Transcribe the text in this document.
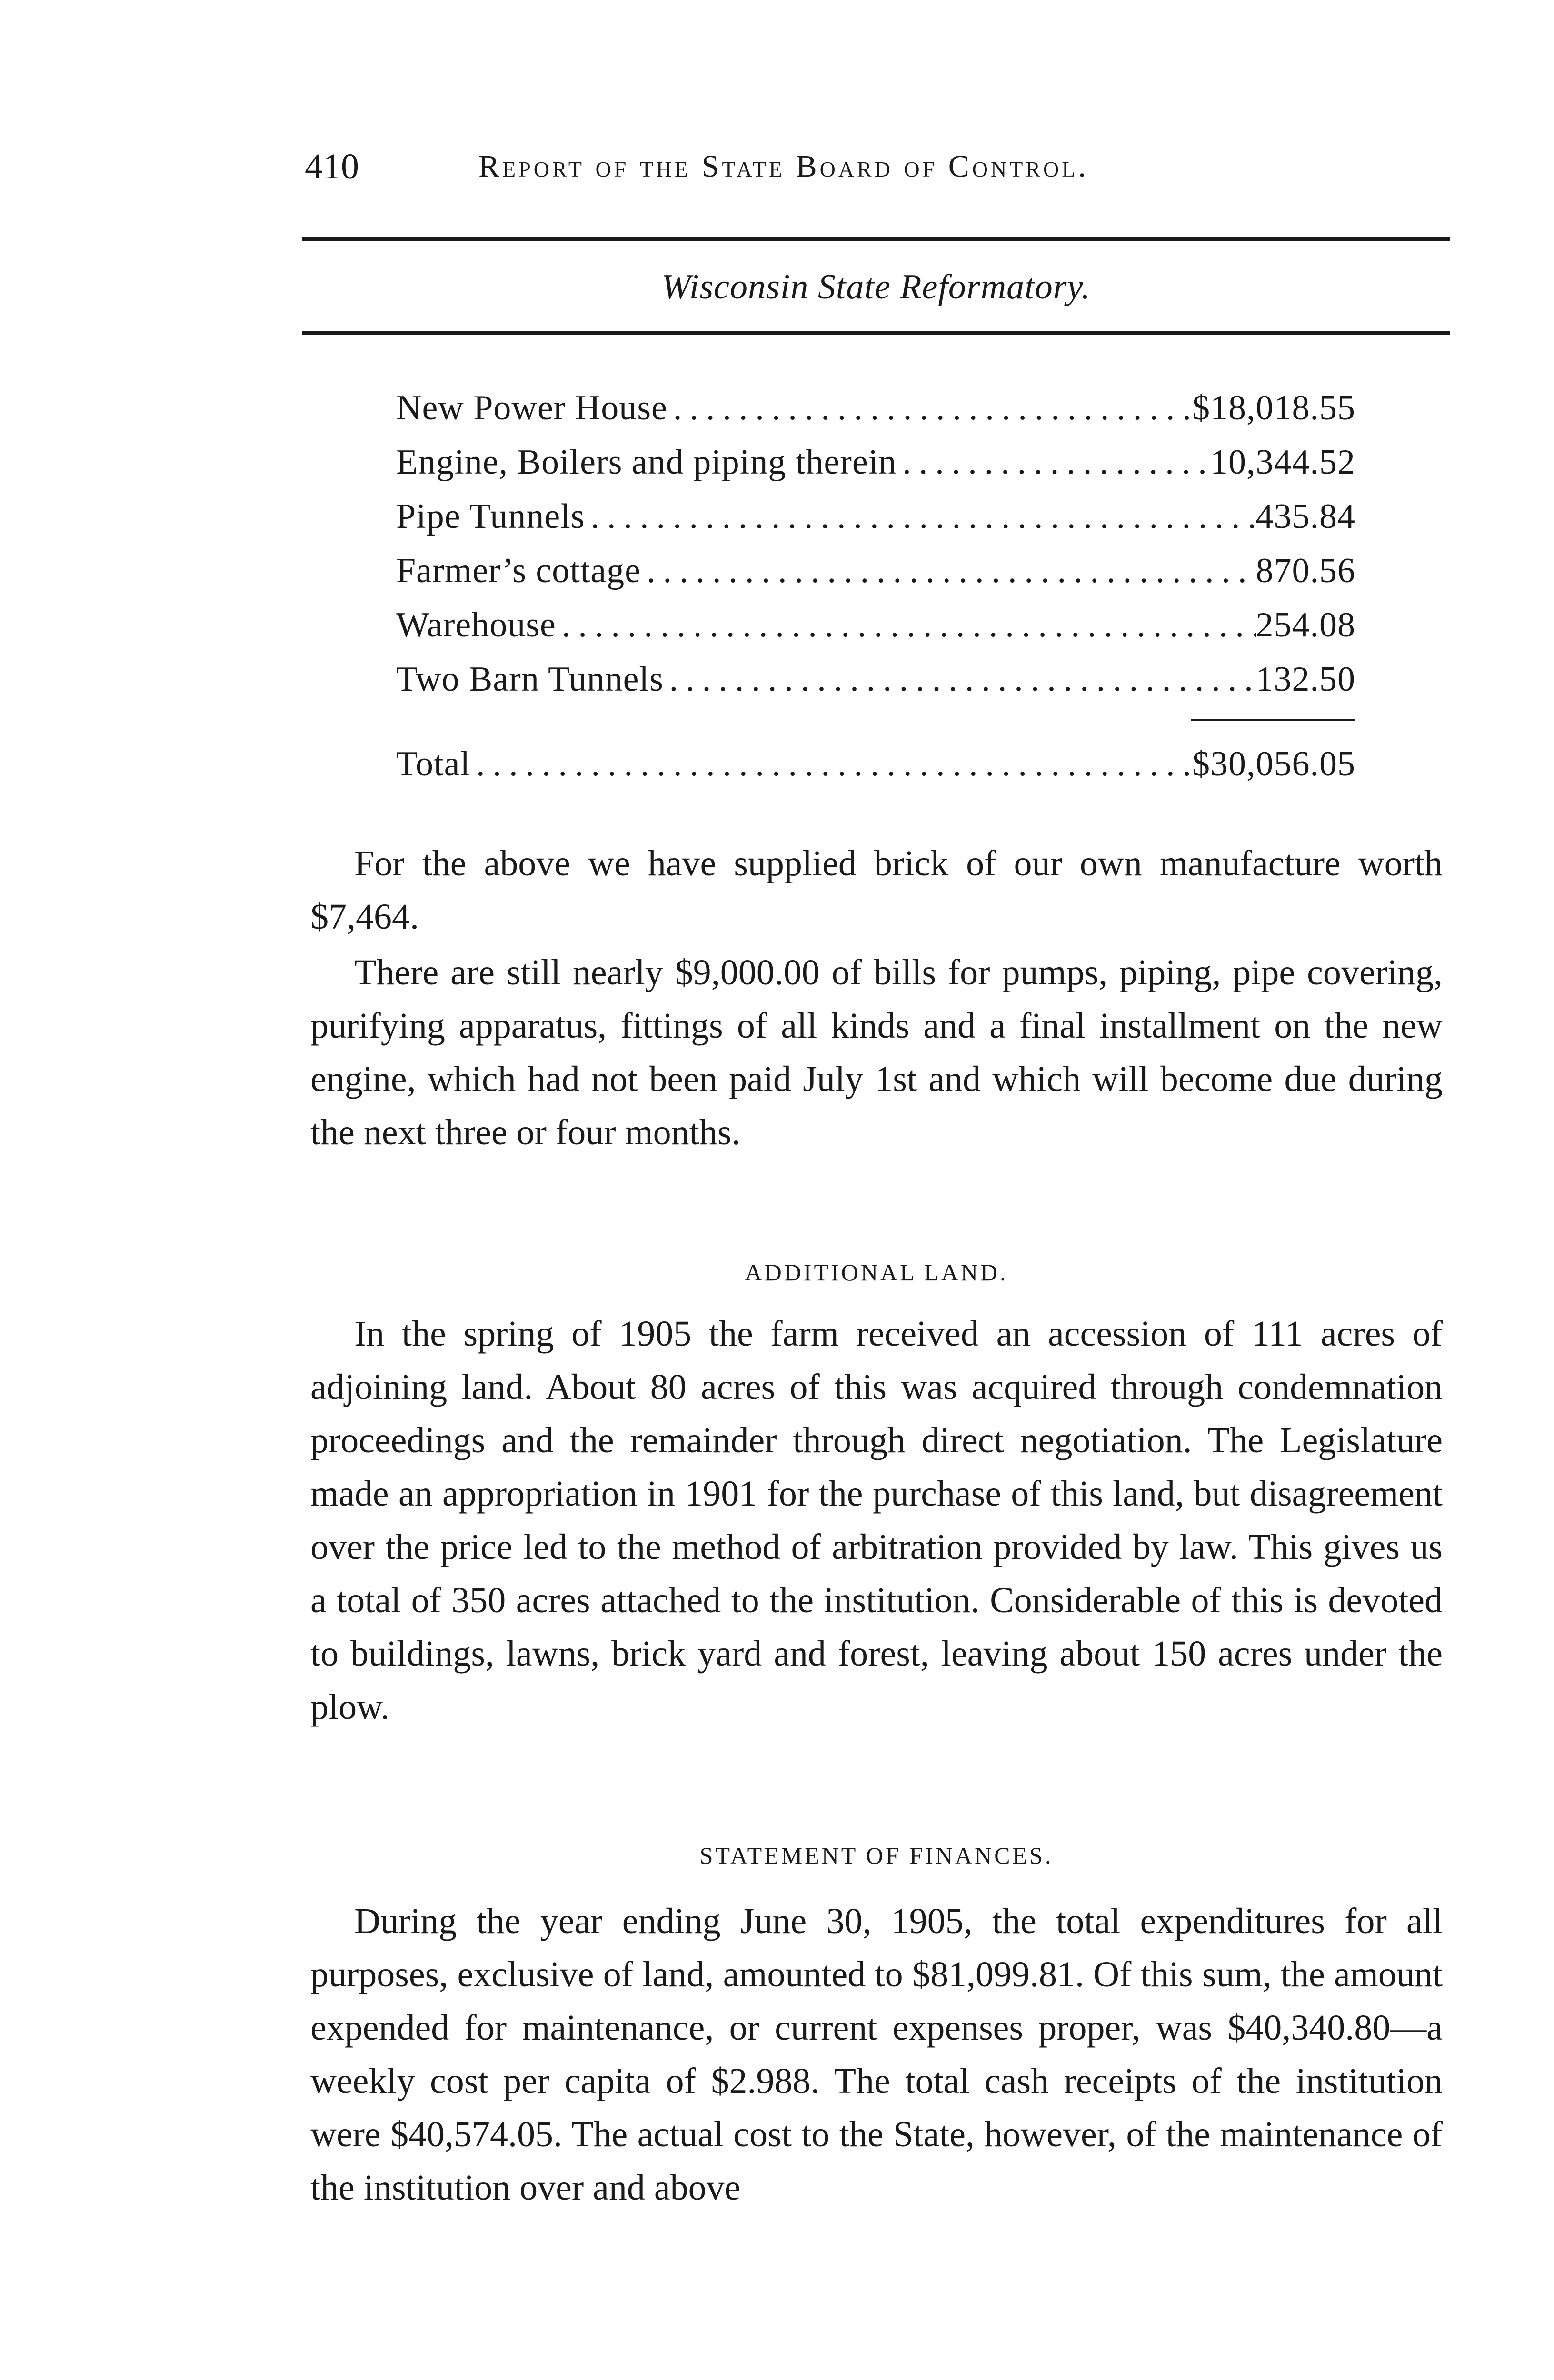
410	Report of the State Board of Control.
Wisconsin State Reformatory.
New Power House .....	$18,018.55
Engine, Boilers and piping therein .....	10,344.52
Pipe Tunnels .....	435.84
Farmer’s cottage .....	870.56
Warehouse .....	254.08
Two Barn Tunnels .....	132.50
Total .....	$30,056.05

For the above we have supplied brick of our own manufacture worth $7,464.

There are still nearly $9,000.00 of bills for pumps, piping, pipe covering, purifying apparatus, fittings of all kinds and a final installment on the new engine, which had not been paid July 1st and which will become due during the next three or four months.

ADDITIONAL LAND.

In the spring of 1905 the farm received an accession of 111 acres of adjoining land. About 80 acres of this was acquired through condemnation proceedings and the remainder through direct negotiation. The Legislature made an appropriation in 1901 for the purchase of this land, but disagreement over the price led to the method of arbitration provided by law. This gives us a total of 350 acres attached to the institution. Considerable of this is devoted to buildings, lawns, brick yard and forest, leaving about 150 acres under the plow.

STATEMENT OF FINANCES.

During the year ending June 30, 1905, the total expenditures for all purposes, exclusive of land, amounted to $81,099.81. Of this sum, the amount expended for maintenance, or current expenses proper, was $40,340.80—a weekly cost per capita of $2.988. The total cash receipts of the institution were $40,574.05. The actual cost to the State, however, of the maintenance of the institution over and above
